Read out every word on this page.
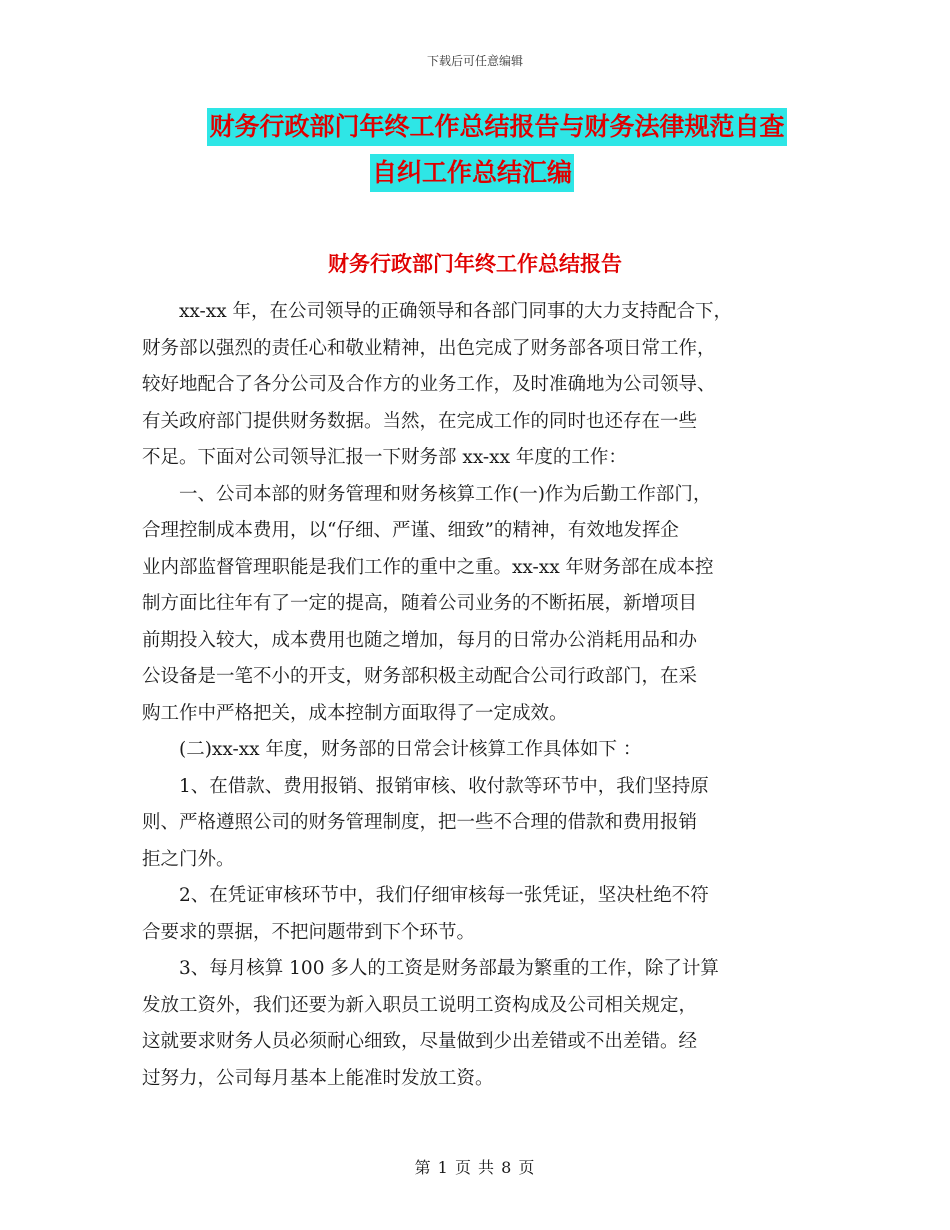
下载后可任意编辑
财务行政部门年终工作总结报告与财务法律规范自查
自纠工作总结汇编
财务行政部门年终工作总结报告

xx-xx 年，在公司领导的正确领导和各部门同事的大力支持配合下，
财务部以强烈的责任心和敬业精神，出色完成了财务部各项日常工作，
较好地配合了各分公司及合作方的业务工作，及时准确地为公司领导、
有关政府部门提供财务数据。当然，在完成工作的同时也还存在一些
不足。下面对公司领导汇报一下财务部 xx-xx 年度的工作：

一、公司本部的财务管理和财务核算工作(一)作为后勤工作部门，
合理控制成本费用，以“仔细、严谨、细致”的精神，有效地发挥企
业内部监督管理职能是我们工作的重中之重。xx-xx 年财务部在成本控
制方面比往年有了一定的提高，随着公司业务的不断拓展，新增项目
前期投入较大，成本费用也随之增加，每月的日常办公消耗用品和办
公设备是一笔不小的开支，财务部积极主动配合公司行政部门，在采
购工作中严格把关，成本控制方面取得了一定成效。

(二)xx-xx 年度，财务部的日常会计核算工作具体如下 ：

1、在借款、费用报销、报销审核、收付款等环节中，我们坚持原
则、严格遵照公司的财务管理制度，把一些不合理的借款和费用报销
拒之门外。

2、在凭证审核环节中，我们仔细审核每一张凭证，坚决杜绝不符
合要求的票据，不把问题带到下个环节。

3、每月核算 100 多人的工资是财务部最为繁重的工作，除了计算
发放工资外，我们还要为新入职员工说明工资构成及公司相关规定，
这就要求财务人员必须耐心细致，尽量做到少出差错或不出差错。经
过努力，公司每月基本上能准时发放工资。

第 1 页 共 8 页
